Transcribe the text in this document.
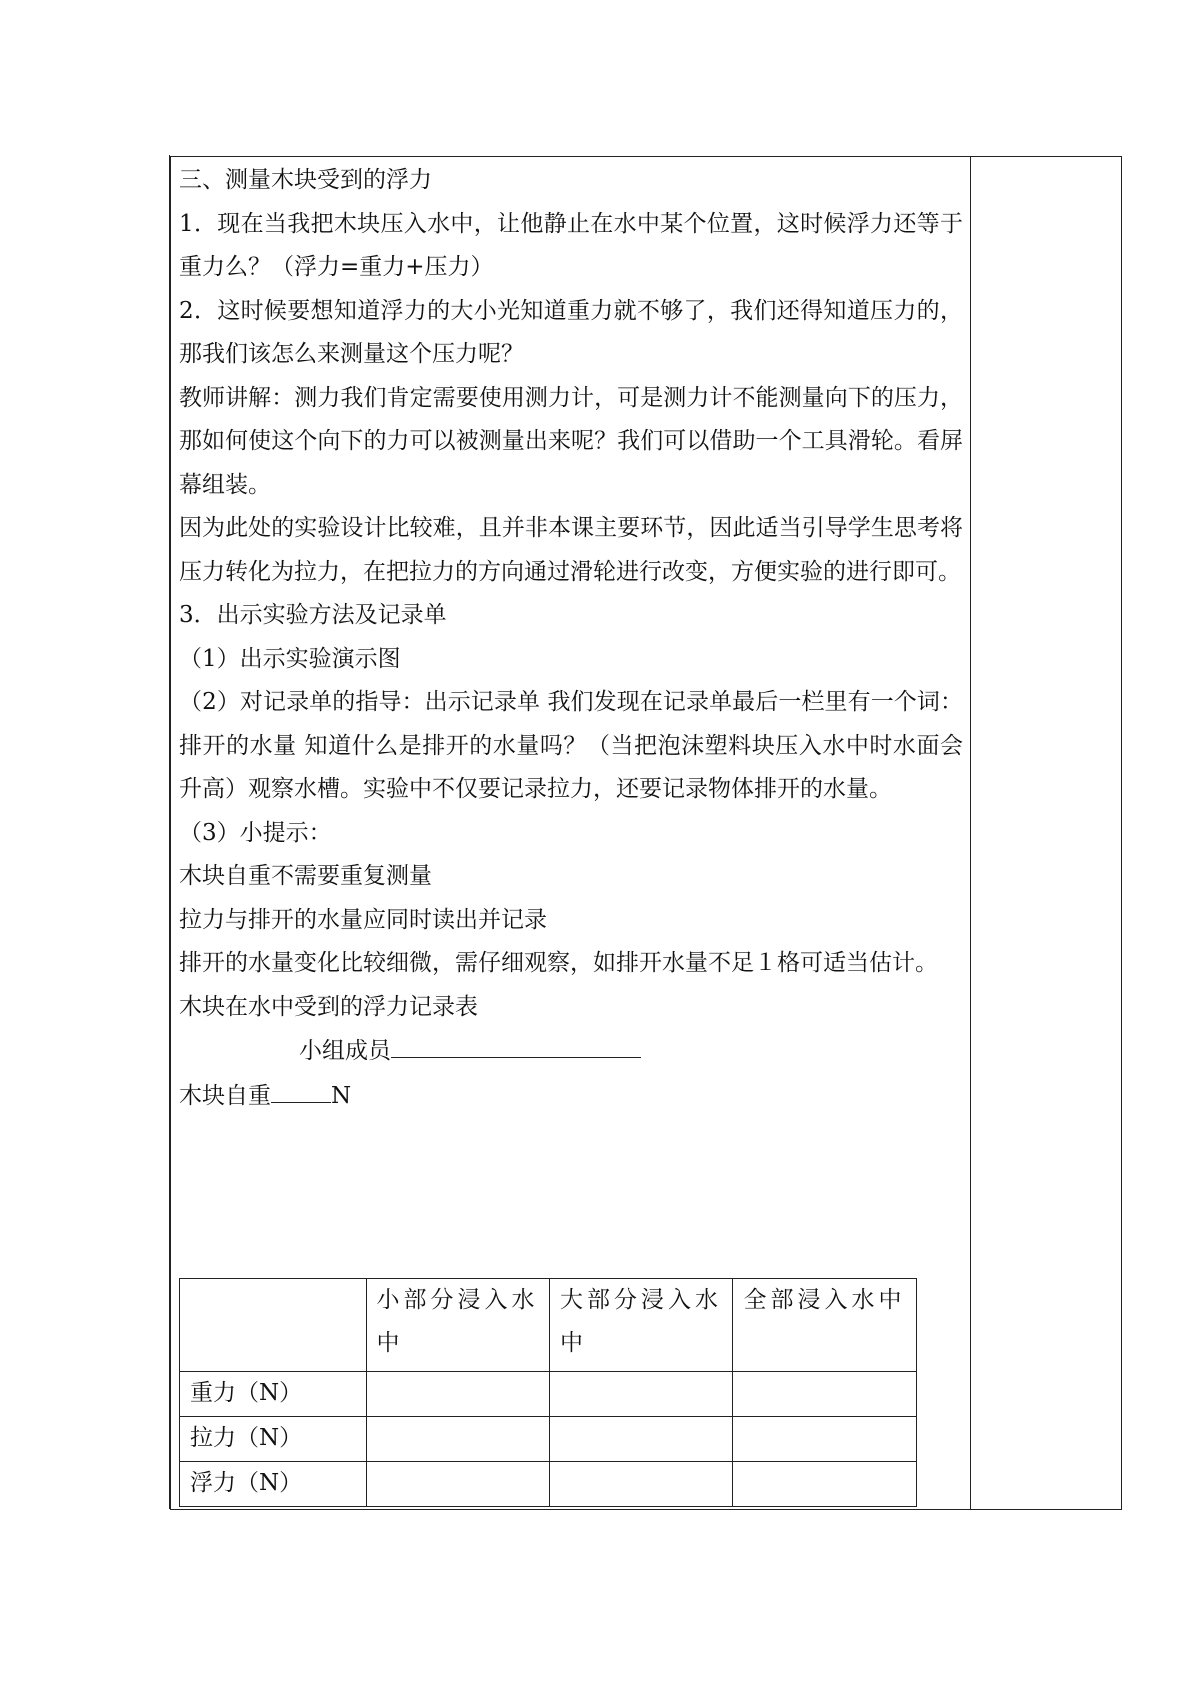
三、测量木块受到的浮力

1．现在当我把木块压入水中，让他静止在水中某个位置，这时候浮力还等于重力么？（浮力=重力+压力）

2．这时候要想知道浮力的大小光知道重力就不够了，我们还得知道压力的，那我们该怎么来测量这个压力呢？

教师讲解：测力我们肯定需要使用测力计，可是测力计不能测量向下的压力，那如何使这个向下的力可以被测量出来呢？我们可以借助一个工具滑轮。看屏幕组装。

因为此处的实验设计比较难，且并非本课主要环节，因此适当引导学生思考将压力转化为拉力，在把拉力的方向通过滑轮进行改变，方便实验的进行即可。

3．出示实验方法及记录单

（1）出示实验演示图

（2）对记录单的指导：出示记录单 我们发现在记录单最后一栏里有一个词：排开的水量 知道什么是排开的水量吗？（当把泡沫塑料块压入水中时水面会升高）观察水槽。实验中不仅要记录拉力，还要记录物体排开的水量。

（3）小提示：

木块自重不需要重复测量

拉力与排开的水量应同时读出并记录

排开的水量变化比较细微，需仔细观察，如排开水量不足１格可适当估计。

木块在水中受到的浮力记录表

小组成员

木块自重	N

	小部分浸入水中	大部分浸入水中	全部浸入水中
重力（N）			
拉力（N）			
浮力（N）			
